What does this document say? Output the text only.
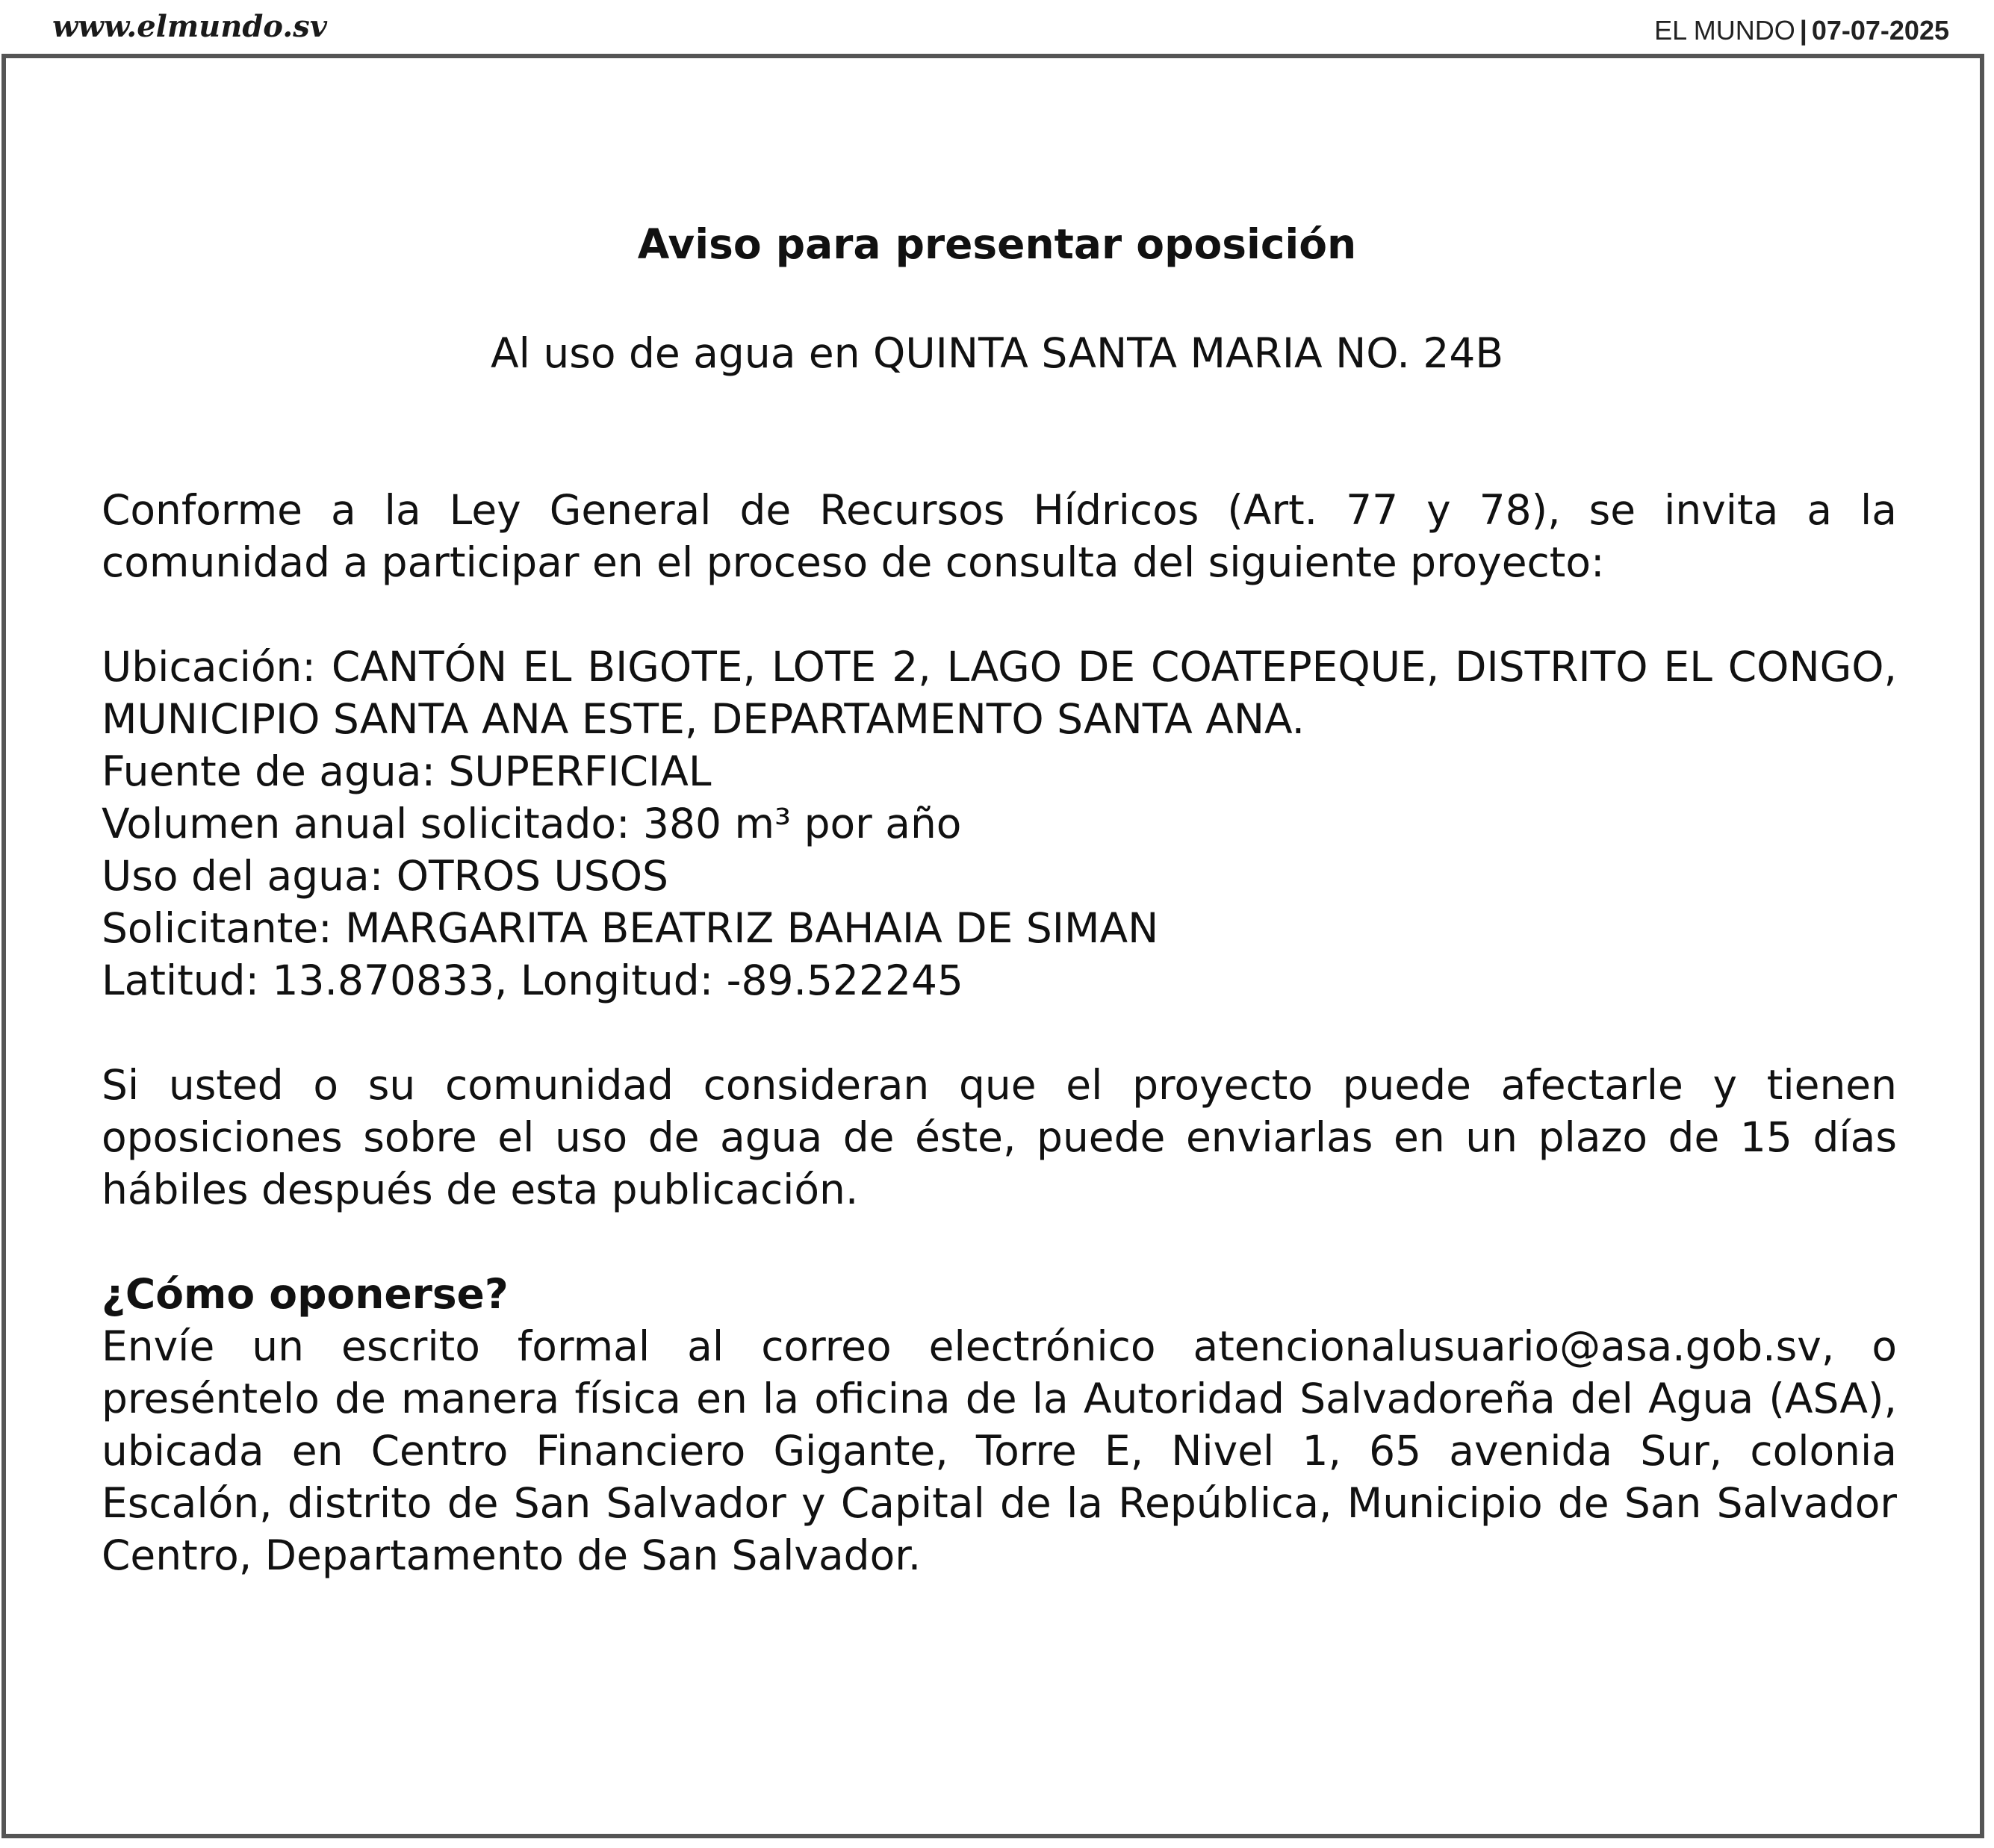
www.elmundo.sv	EL MUNDO | 07-07-2025
Aviso para presentar oposición
Al uso de agua en QUINTA SANTA MARIA NO. 24B

Conforme a la Ley General de Recursos Hídricos (Art. 77 y 78), se invita a la comunidad a participar en el proceso de consulta del siguiente proyecto:

Ubicación: CANTÓN EL BIGOTE, LOTE 2, LAGO DE COATEPEQUE, DISTRITO EL CONGO, MUNICIPIO SANTA ANA ESTE, DEPARTAMENTO SANTA ANA.
Fuente de agua: SUPERFICIAL
Volumen anual solicitado: 380 m³ por año
Uso del agua: OTROS USOS
Solicitante: MARGARITA BEATRIZ BAHAIA DE SIMAN
Latitud: 13.870833, Longitud: -89.522245

Si usted o su comunidad consideran que el proyecto puede afectarle y tienen oposiciones sobre el uso de agua de éste, puede enviarlas en un plazo de 15 días hábiles después de esta publicación.

¿Cómo oponerse?

Envíe un escrito formal al correo electrónico atencionalusuario@asa.gob.sv, o preséntelo de manera física en la oficina de la Autoridad Salvadoreña del Agua (ASA), ubicada en Centro Financiero Gigante, Torre E, Nivel 1, 65 avenida Sur, colonia Escalón, distrito de San Salvador y Capital de la República, Municipio de San Salvador Centro, Departamento de San Salvador.
